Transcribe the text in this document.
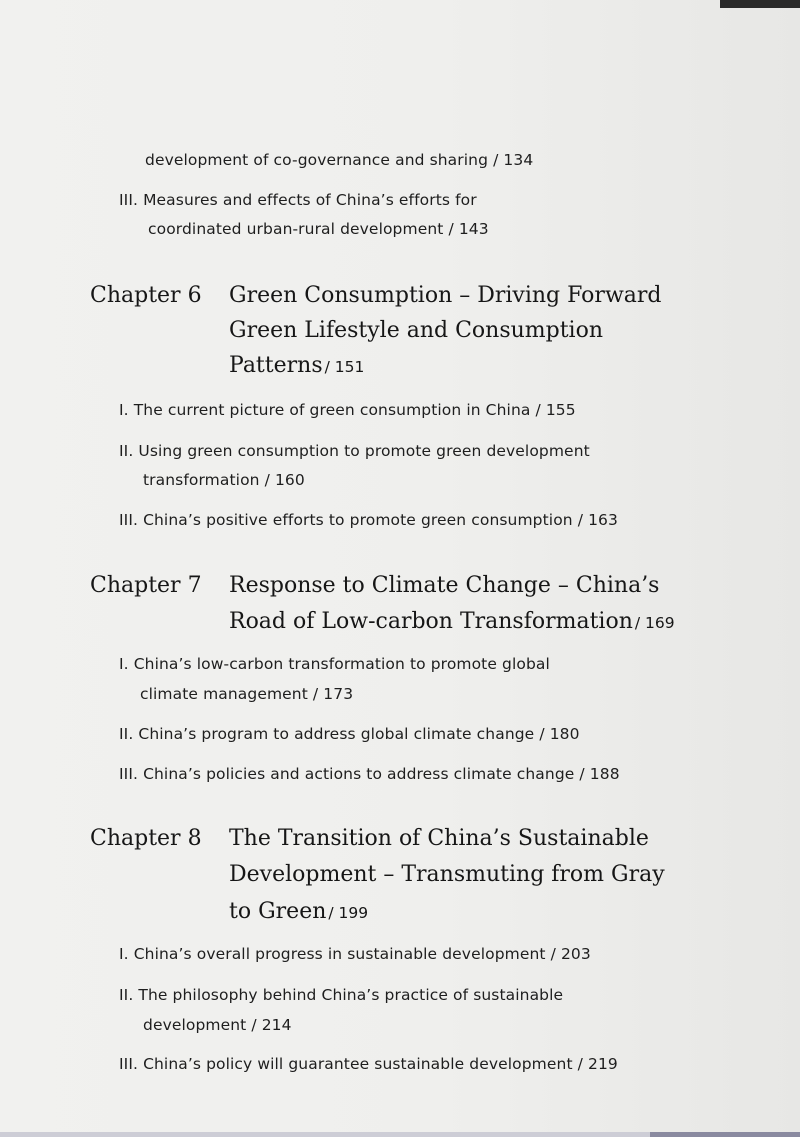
development of co-governance and sharing / 134
III. Measures and effects of China’s efforts for
coordinated urban-rural development / 143
Chapter 6 Green Consumption – Driving Forward
Green Lifestyle and Consumption
Patterns / 151
I. The current picture of green consumption in China / 155
II. Using green consumption to promote green development
transformation / 160
III. China’s positive efforts to promote green consumption / 163
Chapter 7 Response to Climate Change – China’s
Road of Low-carbon Transformation / 169
I. China’s low-carbon transformation to promote global
climate management / 173
II. China’s program to address global climate change / 180
III. China’s policies and actions to address climate change / 188
Chapter 8 The Transition of China’s Sustainable
Development – Transmuting from Gray
to Green / 199
I. China’s overall progress in sustainable development / 203
II. The philosophy behind China’s practice of sustainable
development / 214
III. China’s policy will guarantee sustainable development / 219
